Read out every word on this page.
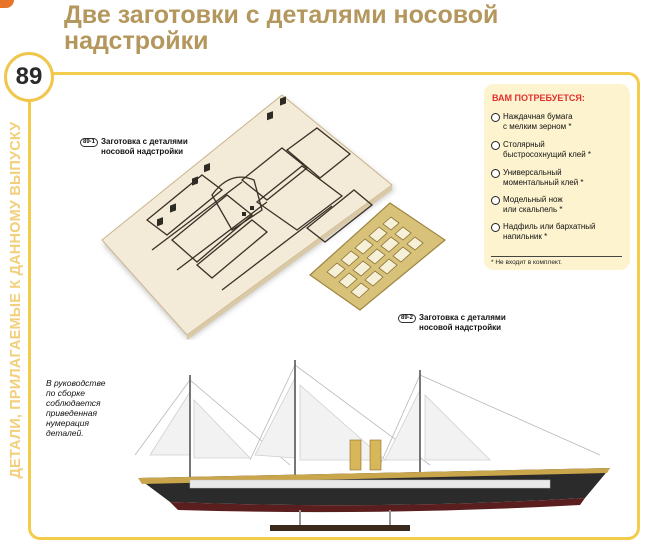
Две заготовки с деталями носовой надстройки
89
ДЕТАЛИ, ПРИЛАГАЕМЫЕ К ДАННОМУ ВЫПУСКУ	89-1 Заготовка с деталями
носовой надстройки
89-2 Заготовка с деталями
носовой надстройки
ВАМ ПОТРЕБУЕТСЯ:
Наждачная бумага
с мелким зерном *
Столярный
быстросохнущий клей *
Универсальный
моментальный клей *
Модельный нож
или скальпель *
Надфиль или бархатный
напильник *
* Не входит в комплект.
В руководстве
по сборке
соблюдается
приведенная
нумерация
деталей.
